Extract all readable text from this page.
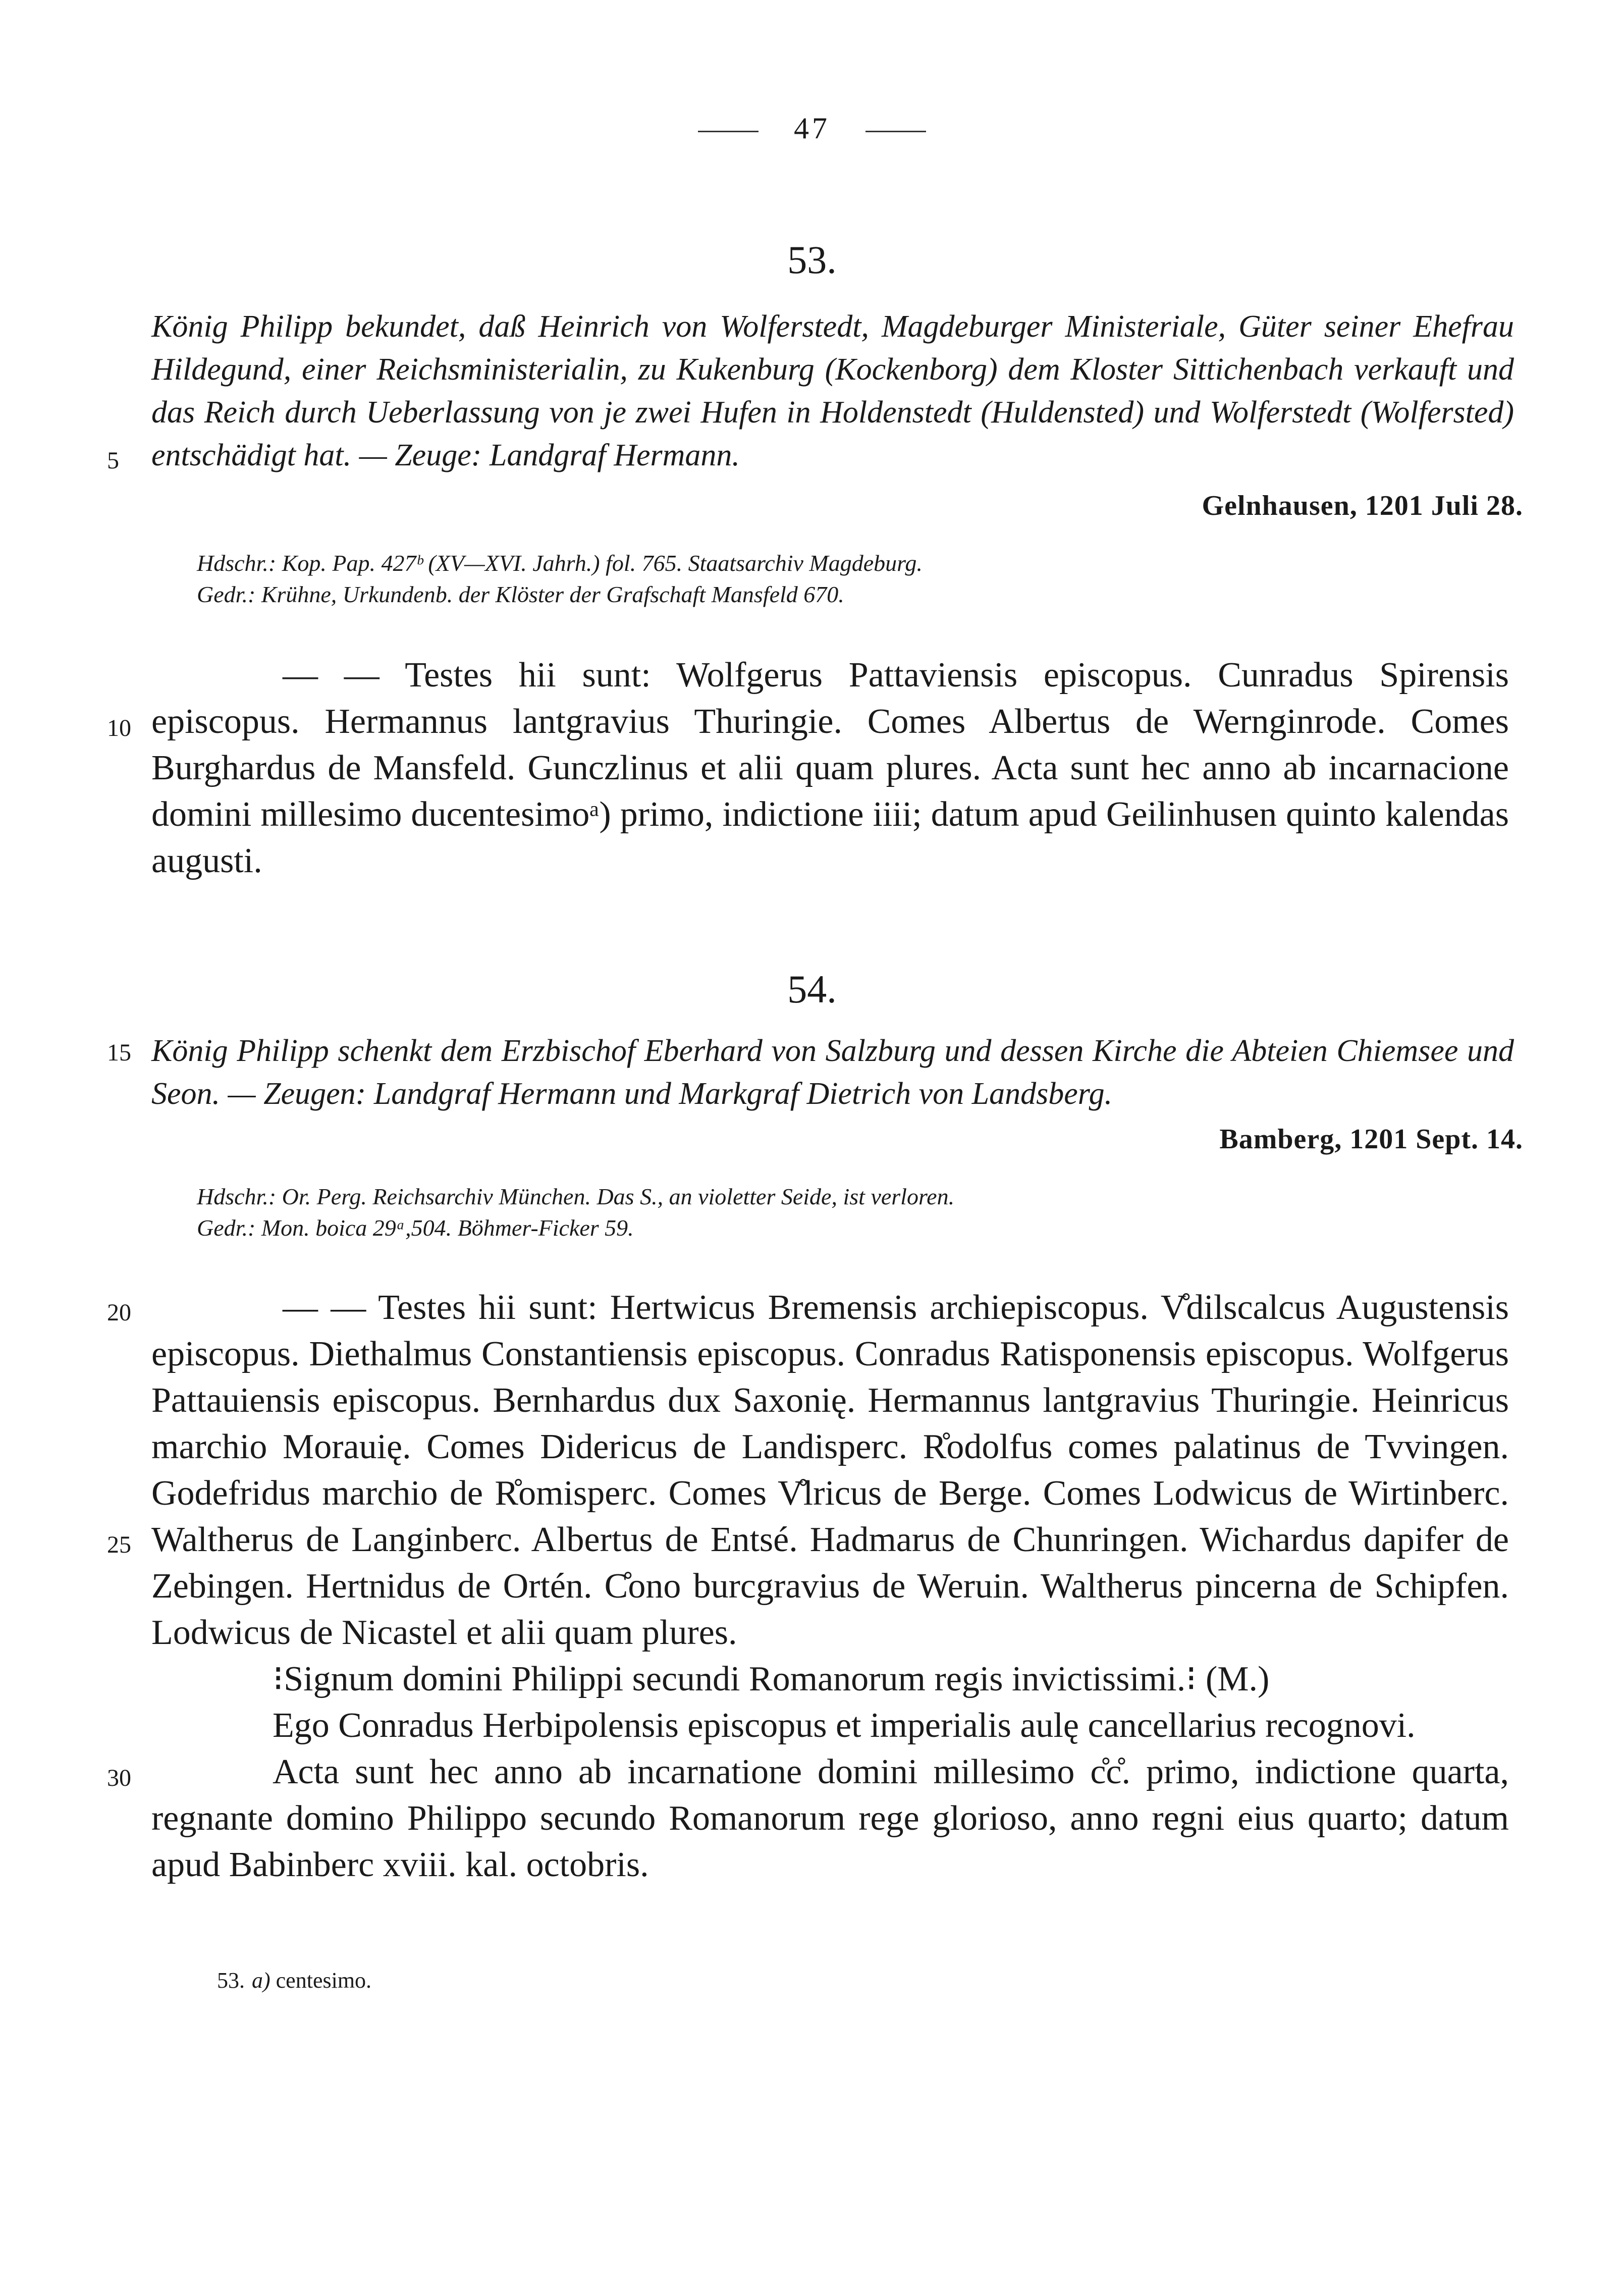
47
53.

König Philipp bekundet, daß Heinrich von Wolferstedt, Magdeburger Ministeriale, Güter seiner Ehefrau Hildegund, einer Reichsministerialin, zu Kukenburg (Kockenborg) dem Kloster Sittichenbach verkauft und das Reich durch Ueberlassung von je zwei Hufen in Holdenstedt (Huldensted) und Wolferstedt (Wolfersted) entschädigt hat. — Zeuge: Landgraf Hermann.

Gelnhausen, 1201 Juli 28.

Hdschr.: Kop. Pap. 427ᵇ (XV—XVI. Jahrh.) fol. 765. Staatsarchiv Magdeburg.

Gedr.: Krühne, Urkundenb. der Klöster der Grafschaft Mansfeld 670.

— — Testes hii sunt: Wolfgerus Pattaviensis episcopus. Cunradus Spirensis episcopus. Hermannus lantgravius Thuringie. Comes Albertus de Wernginrode. Comes Burghardus de Mansfeld. Gunczlinus et alii quam plures. Acta sunt hec anno ab incarnacione domini millesimo ducentesimoᵃ) primo, indictione iiii; datum apud Geilinhusen quinto kalendas augusti.

54.

König Philipp schenkt dem Erzbischof Eberhard von Salzburg und dessen Kirche die Abteien Chiemsee und Seon. — Zeugen: Landgraf Hermann und Markgraf Dietrich von Landsberg.

Bamberg, 1201 Sept. 14.

Hdschr.: Or. Perg. Reichsarchiv München. Das S., an violetter Seide, ist verloren.

Gedr.: Mon. boica 29ᵃ,504. Böhmer-Ficker 59.

— — Testes hii sunt: Hertwicus Bremensis archiepiscopus. V̊dilscalcus Augustensis episcopus. Diethalmus Constantiensis episcopus. Conradus Ratisponensis episcopus. Wolfgerus Pattauiensis episcopus. Bernhardus dux Saxonię. Hermannus lantgravius Thuringie. Heinricus marchio Morauię. Comes Didericus de Landisperc. R̊odolfus comes palatinus de Tvvingen. Godefridus marchio de R̊omisperc. Comes V̊lricus de Berge. Comes Lodwicus de Wirtinberc. Waltherus de Langinberc. Albertus de Entsé. Hadmarus de Chunringen. Wichardus dapifer de Zebingen. Hertnidus de Ortén. C̊ono burcgravius de Weruin. Waltherus pincerna de Schipfen. Lodwicus de Nicastel et alii quam plures.

⁝Signum domini Philippi secundi Romanorum regis invictissimi.⁝ (M.)

Ego Conradus Herbipolensis episcopus et imperialis aulę cancellarius recognovi.

Acta sunt hec anno ab incarnatione domini millesimo c̊c̊. primo, indictione quarta, regnante domino Philippo secundo Romanorum rege glorioso, anno regni eius quarto; datum apud Babinberc xviii. kal. octobris.

5
10
15
20
25
30
53. a) centesimo.
